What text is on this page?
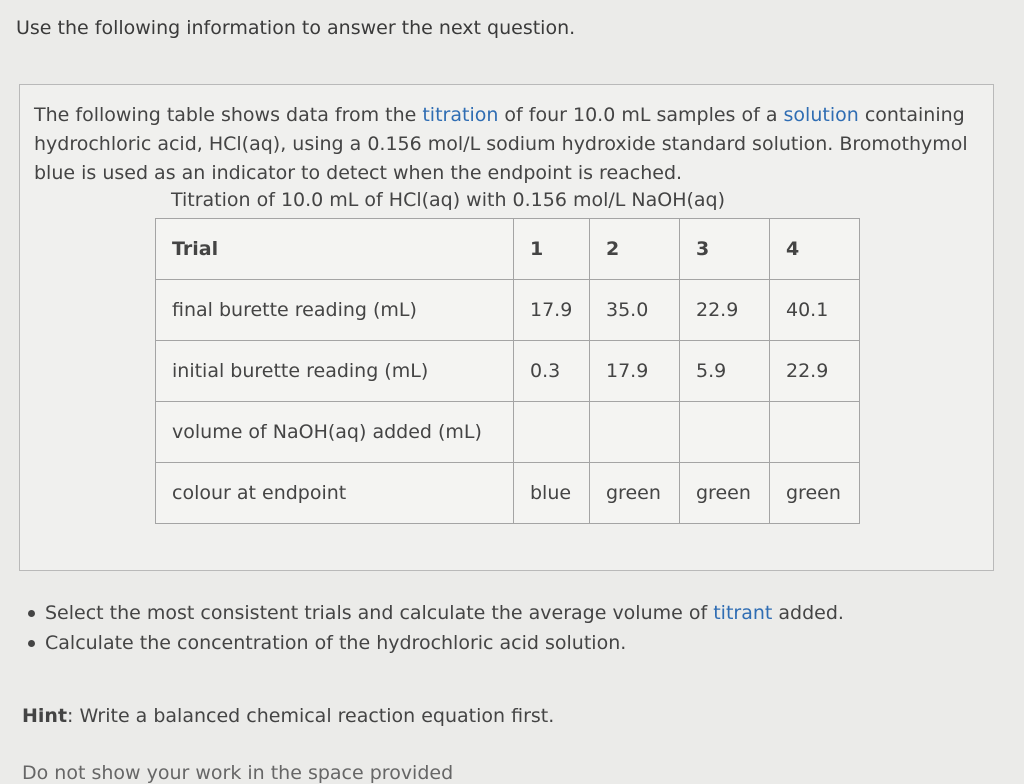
Use the following information to answer the next question.

The following table shows data from the titration of four 10.0 mL samples of a solution containing hydrochloric acid, HCl(aq), using a 0.156 mol/L sodium hydroxide standard solution. Bromothymol blue is used as an indicator to detect when the endpoint is reached.

Titration of 10.0 mL of HCl(aq) with 0.156 mol/L NaOH(aq)

Trial	1	2	3	4
final burette reading (mL)	17.9	35.0	22.9	40.1
initial burette reading (mL)	0.3	17.9	5.9	22.9
volume of NaOH(aq) added (mL)				
colour at endpoint	blue	green	green	green
Select the most consistent trials and calculate the average volume of titrant added.
Calculate the concentration of the hydrochloric acid solution.

Hint: Write a balanced chemical reaction equation first.

Do not show your work in the space provided
